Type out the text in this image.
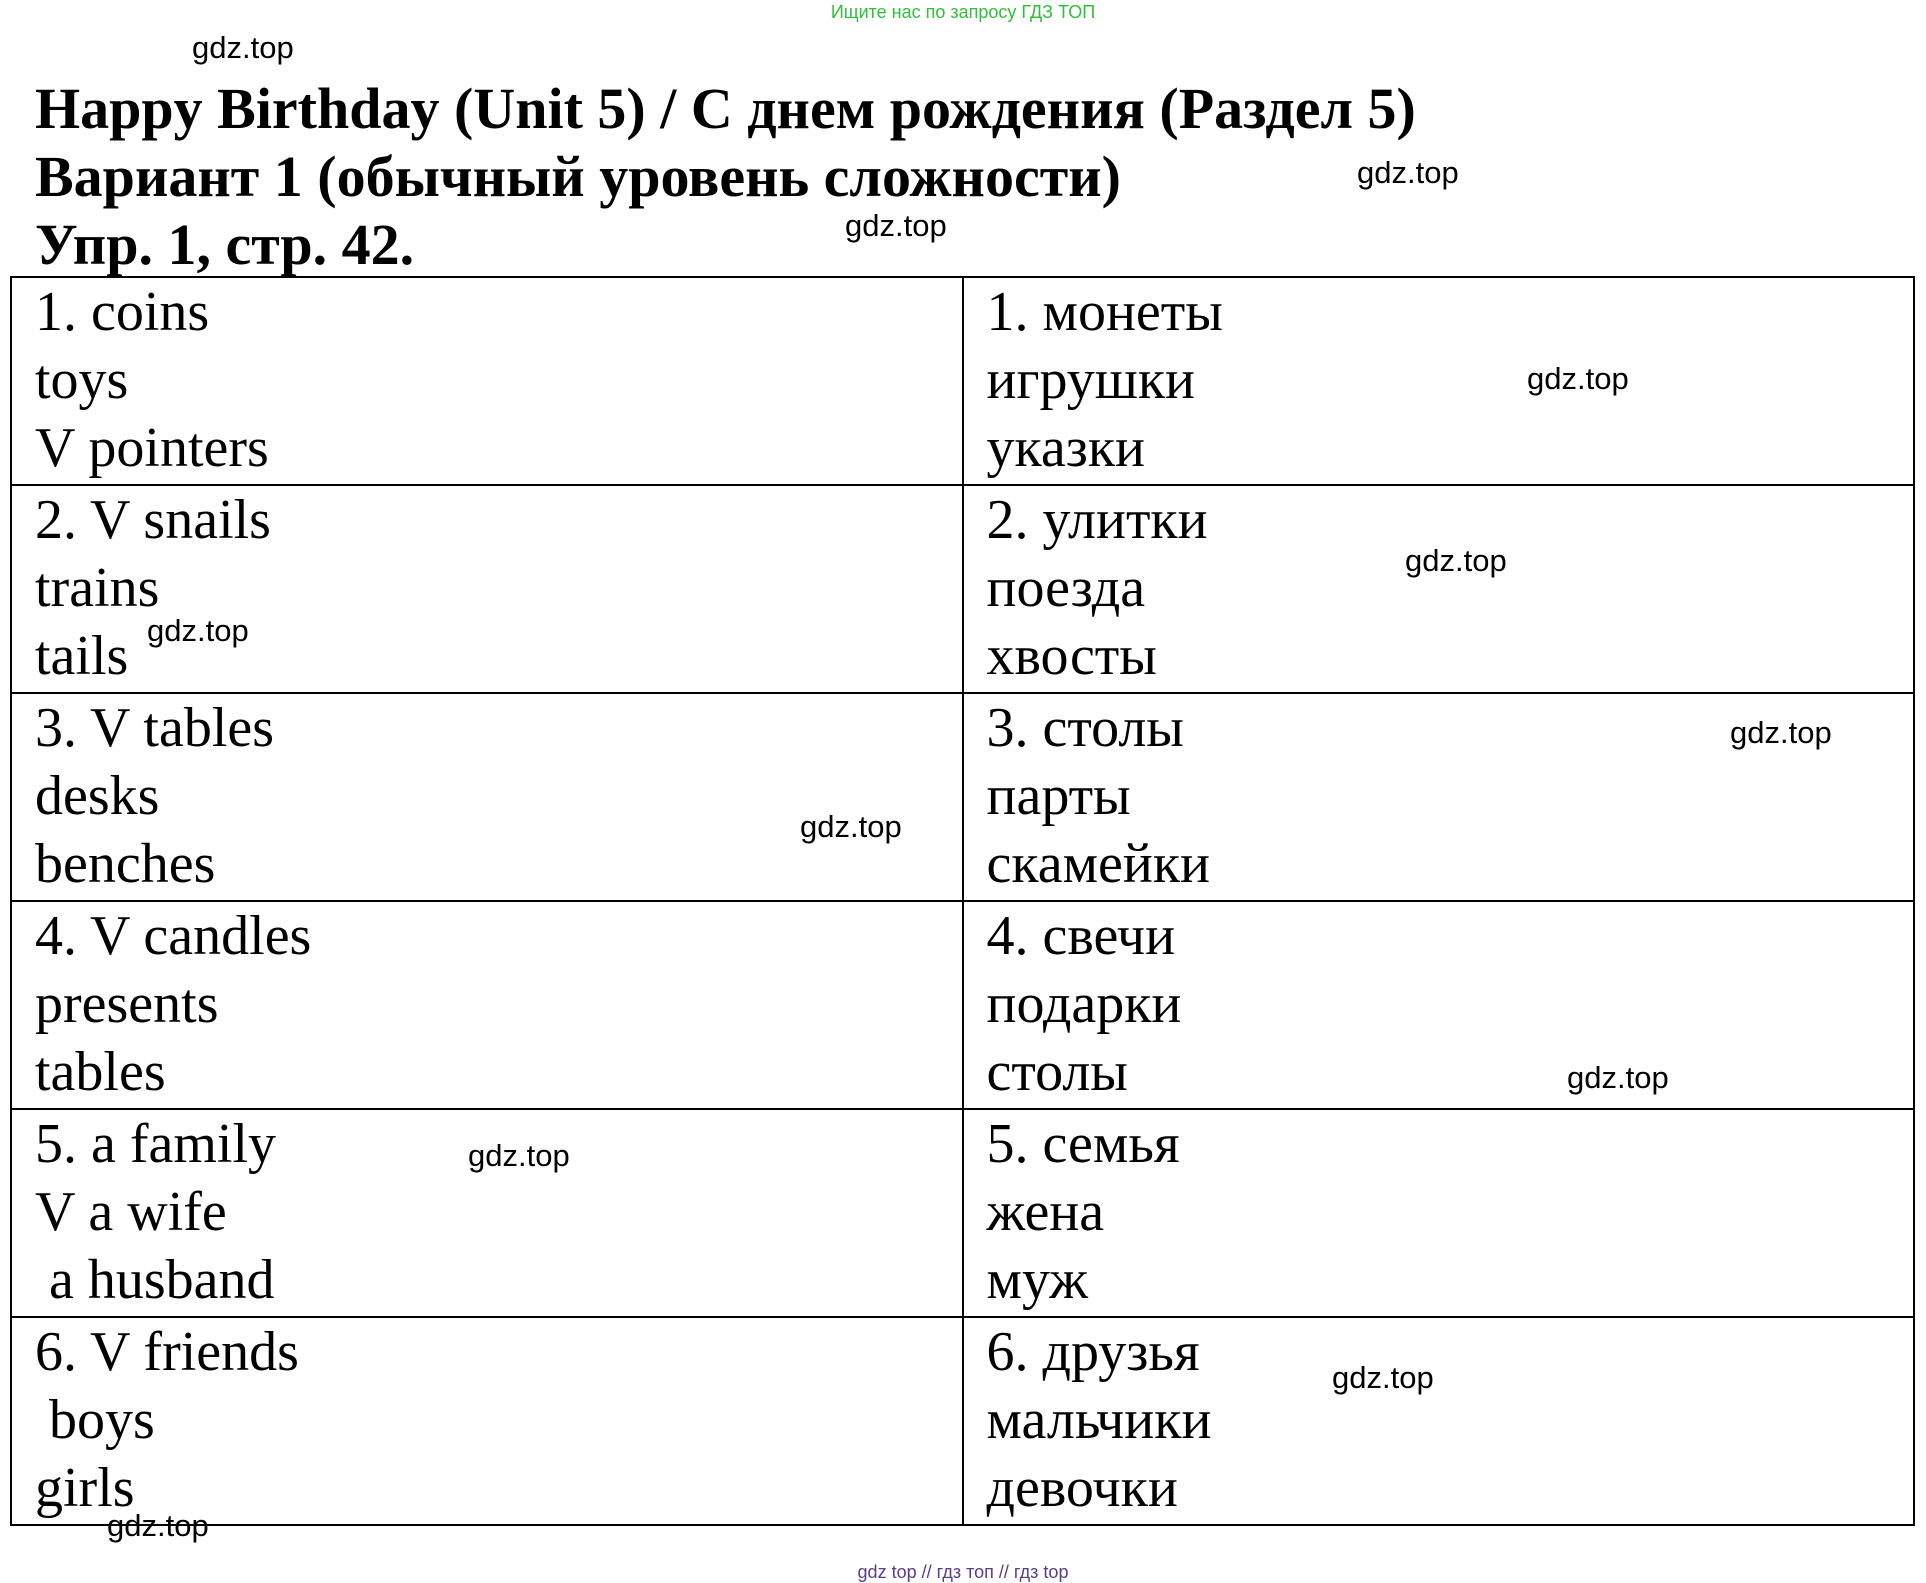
Ищите нас по запросу ГДЗ ТОП
gdz.top
gdz.top
gdz.top
Happy Birthday (Unit 5) / С днем рождения (Раздел 5)
Вариант 1 (обычный уровень сложности)
Упр. 1, стр. 42.
1. coins
toys
V pointers	1. монеты
игрушки
указки

2. V snails
trains
tails	2. улитки
поезда
хвосты

3. V tables
desks
benches	3. столы
парты
скамейки

4. V candles
presents
tables	4. свечи
подарки
столы

5. a family
V a wife
a husband	5. семья
жена
муж

6. V friends
boys
girls	6. друзья
мальчики
девочки
gdz.top
gdz.top
gdz.top
gdz.top
gdz.top
gdz.top
gdz.top
gdz.top
gdz.top
gdz top // гдз топ // гдз top
